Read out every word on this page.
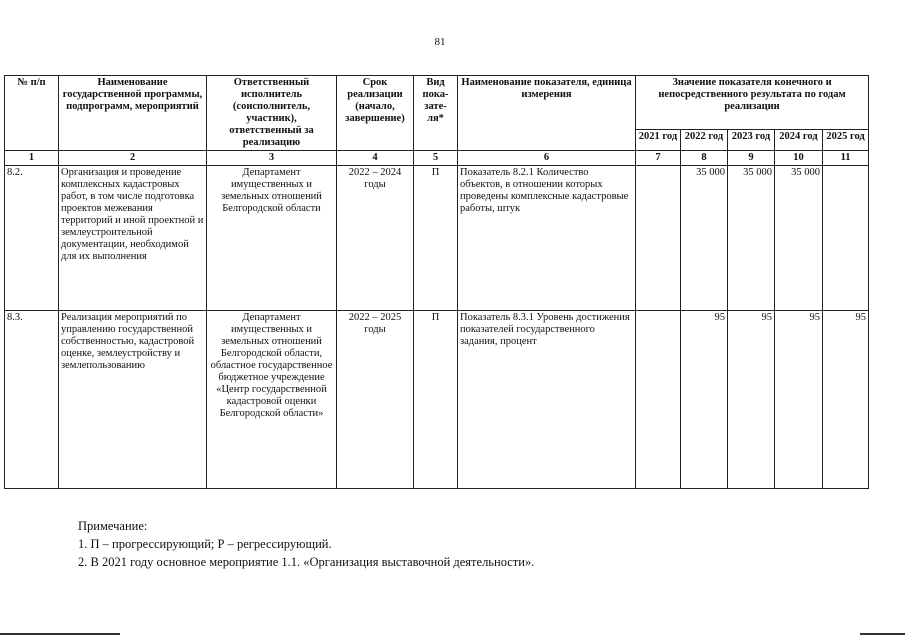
81
№ п/п	Наименование государственной программы, подпрограмм, мероприятий	Ответственный исполнитель (соисполнитель, участник), ответственный за реализацию	Срок реализации (начало, завершение)	Вид пока-зате-ля*	Наименование показателя, единица измерения	Значение показателя конечного и непосредственного результата по годам реализации				
						2021 год	2022 год	2023 год	2024 год	2025 год
1	2	3	4	5	6	7	8	9	10	11
8.2.	Организация и проведение комплексных кадастровых работ, в том числе подготовка проектов межевания территорий и иной проектной и землеустроительной документации, необходимой для их выполнения	Департамент имущественных и земельных отношений Белгородской области	2022 – 2024 годы	П	Показатель 8.2.1 Количество объектов, в отношении которых проведены комплексные кадастровые работы, штук		35 000	35 000	35 000	
8.3.	Реализация мероприятий по управлению государственной собственностью, кадастровой оценке, землеустройству и землепользованию	Департамент имущественных и земельных отношений Белгородской области, областное государственное бюджетное учреждение «Центр государственной кадастровой оценки Белгородской области»	2022 – 2025 годы	П	Показатель 8.3.1 Уровень достижения показателей государственного задания, процент		95	95	95	95
Примечание:
1. П – прогрессирующий; Р – регрессирующий.
2. В 2021 году основное мероприятие 1.1. «Организация выставочной деятельности».
